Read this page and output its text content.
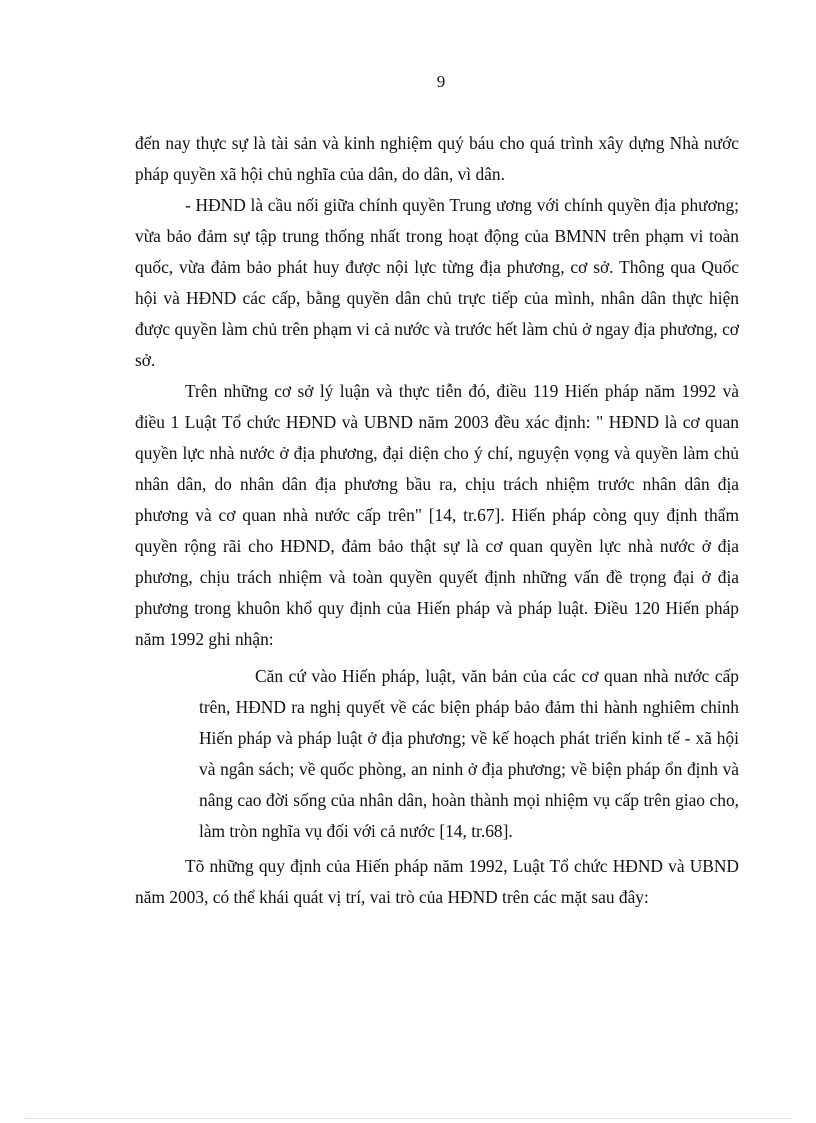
9

đến nay thực sự là tài sản và kinh nghiệm quý báu cho quá trình xây dựng Nhà nước pháp quyền xã hội chủ nghĩa của dân, do dân, vì dân.

- HĐND là cầu nối giữa chính quyền Trung ương với chính quyền địa phương; vừa bảo đảm sự tập trung thống nhất trong hoạt động của BMNN trên phạm vi toàn quốc, vừa đảm bảo phát huy được nội lực từng địa phương, cơ sở. Thông qua Quốc hội và HĐND các cấp, bằng quyền dân chủ trực tiếp của mình, nhân dân thực hiện được quyền làm chủ trên phạm vi cả nước và trước hết làm chủ ở ngay địa phương, cơ sở.

Trên những cơ sở lý luận và thực tiễn đó, điều 119 Hiến pháp năm 1992 và điều 1 Luật Tổ chức HĐND và UBND năm 2003 đều xác định: " HĐND là cơ quan quyền lực nhà nước ở địa phương, đại diện cho ý chí, nguyện vọng và quyền làm chủ nhân dân, do nhân dân địa phương bầu ra, chịu trách nhiệm trước nhân dân địa phương và cơ quan nhà nước cấp trên" [14, tr.67]. Hiến pháp còng quy định thẩm quyền rộng rãi cho HĐND, đảm bảo thật sự là cơ quan quyền lực nhà nước ở địa phương, chịu trách nhiệm và toàn quyền quyết định những vấn đề trọng đại ở địa phương trong khuôn khổ quy định của Hiến pháp và pháp luật. Điều 120 Hiến pháp năm 1992 ghi nhận:

Căn cứ vào Hiến pháp, luật, văn bản của các cơ quan nhà nước cấp trên, HĐND ra nghị quyết về các biện pháp bảo đảm thi hành nghiêm chỉnh Hiến pháp và pháp luật ở địa phương; về kế hoạch phát triển kinh tế - xã hội và ngân sách; về quốc phòng, an ninh ở địa phương; về biện pháp ổn định và nâng cao đời sống của nhân dân, hoàn thành mọi nhiệm vụ cấp trên giao cho, làm tròn nghĩa vụ đối với cả nước [14, tr.68].

Tõ những quy định của Hiến pháp năm 1992, Luật Tổ chức HĐND và UBND năm 2003, có thể khái quát vị trí, vai trò của HĐND trên các mặt sau đây:
